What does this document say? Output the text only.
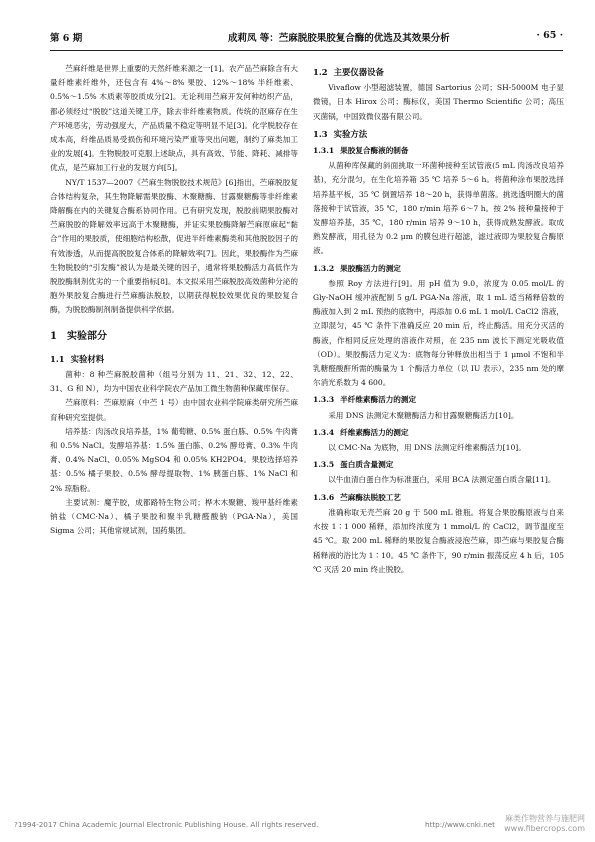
第 6 期	成莉凤 等：苎麻脱胶果胶复合酶的优选及其效果分析	· 65 ·

苎麻纤维是世界上重要的天然纤维来源之一[1]。农产品苎麻除含有大量纤维素纤维外，还包含有 4%～8% 果胶、12%～18% 半纤维素、0.5%～1.5% 木质素等胶质成分[2]。无论利用苎麻开发何种纺织产品，都必须经过“脱胶”这道关键工序，除去非纤维素物质。传统的沤麻存在生产环境恶劣，劳动强度大，产品质量不稳定等明显不足[3]。化学脱胶存在成本高，纤维品质易受损伤和环境污染严重等突出问题，制约了麻类加工业的发展[4]。生物脱胶可克服上述缺点，具有高效、节能、降耗、减排等优点，是苎麻加工行业的发展方向[5]。

NY/T 1537—2007《苎麻生物脱胶技术规范》[6]指出，苎麻脱胶复合体结构复杂，其生物降解需果胶酶、木聚糖酶、甘露聚糖酶等非纤维素降解酶在内的关键复合酶系协同作用。已有研究发现，脱胶前期果胶酶对苎麻脱胶的降解效率远高于木聚糖酶，并证实果胶酶降解苎麻原麻起“黏合”作用的果胶质，使细胞结构松散，促进半纤维素酶类和其他脱胶因子的有效渗透，从而提高脱胶复合体系的降解效率[7]。因此，果胶酶作为苎麻生物脱胶的“引发酶”被认为是最关键的因子，通常将果胶酶活力高低作为脱胶酶制剂优劣的一个重要指标[8]。本文拟采用苎麻脱胶高效菌种分泌的胞外果胶复合酶进行苎麻酶法脱胶，以期获得脱胶效果优良的果胶复合酶，为脱胶酶制剂制备提供科学依据。

1 实验部分
1.1 实验材料

菌种：8 种苎麻脱胶菌种（组号分别为 11、21、32、12、22、31、G 和 N），均为中国农业科学院农产品加工微生物菌种保藏库保存。

苎麻原料：苎麻原麻（中苎 1 号）由中国农业科学院麻类研究所苎麻育种研究室提供。

培养基：肉汤改良培养基，1% 葡萄糖、0.5% 蛋白胨、0.5% 牛肉膏和 0.5% NaCl。发酵培养基：1.5% 蛋白胨、0.2% 酵母膏、0.3% 牛肉膏、0.4% NaCl、0.05% MgSO4 和 0.05% KH2PO4。果胶选择培养基：0.5% 橘子果胶、0.5% 酵母提取物、1% 胰蛋白胨、1% NaCl 和 2% 琼脂粉。

主要试剂：魔芋胶，成都路特生物公司；桦木木聚糖、羧甲基纤维素钠盐（CMC·Na）、橘子果胶和聚半乳糖醛酸钠（PGA·Na），美国 Sigma 公司；其他常规试剂，国药集团。

1.2 主要仪器设备

Vivaflow 小型超滤装置，德国 Sartorius 公司；SH-5000M 电子显微镜，日本 Hirox 公司；酶标仪，美国 Thermo Scientific 公司；高压灭菌锅，中国致微仪器有限公司。

1.3 实验方法
1.3.1 果胶复合酶液的制备

从菌种库保藏的斜面挑取一环菌种接种至试管液(5 mL 肉汤改良培养基)，充分混匀，在生化培养箱 35 ℃ 培养 5～6 h。将菌种涂布果胶选择培养基平板，35 ℃ 倒置培养 18～20 h，获得单菌落。挑选透明圈大的菌落接种于试管液，35 ℃，180 r/min 培养 6～7 h。按 2% 接种量接种于发酵培养基，35 ℃，180 r/min 培养 9～10 h，获得成熟发酵液。取成熟发酵液，用孔径为 0.2 μm 的膜包进行超滤，滤过液即为果胶复合酶原液。

1.3.2 果胶酶活力的测定

参照 Roy 方法进行[9]。用 pH 值为 9.0，浓度为 0.05 mol/L 的 Gly-NaOH 缓冲液配制 5 g/L PGA·Na 溶液，取 1 mL 适当稀释倍数的酶液加入到 2 mL 预热的底物中，再添加 0.6 mL 1 mol/L CaCl2 溶液，立即混匀，45 ℃ 条件下准确反应 20 min 后，终止酶活。用充分灭活的酶液，作相同反应处理的溶液作对照，在 235 nm 波长下测定光吸收值（OD）。果胶酶活力定义为：底物每分钟释放出相当于 1 μmol 不饱和半乳糖醛酸酐所需的酶量为 1 个酶活力单位（以 IU 表示），235 nm 处的摩尔消光系数为 4 600。

1.3.3 半纤维素酶活力的测定

采用 DNS 法测定木聚糖酶活力和甘露聚糖酶活力[10]。

1.3.4 纤维素酶活力的测定

以 CMC·Na 为底物，用 DNS 法测定纤维素酶活力[10]。

1.3.5 蛋白质含量测定

以牛血清白蛋白作为标准蛋白，采用 BCA 法测定蛋白质含量[11]。

1.3.6 苎麻酶法脱胶工艺

准确称取无壳苎麻 20 g 于 500 mL 锥瓶。将复合果胶酶原液与自来水按 1∶1 000 稀释，添加终浓度为 1 mmol/L 的 CaCl2，调节温度至 45 ℃。取 200 mL 稀释的果胶复合酶液浸泡苎麻，即苎麻与果胶复合酶稀释液的浴比为 1∶10。45 ℃ 条件下，90 r/min 振荡反应 4 h 后，105 ℃ 灭活 20 min 终止脱胶。

?1994-2017 China Academic Journal Electronic Publishing House. All rights reserved.	http://www.cnki.net
麻类作物营养与施肥网
www.fibercrops.com
